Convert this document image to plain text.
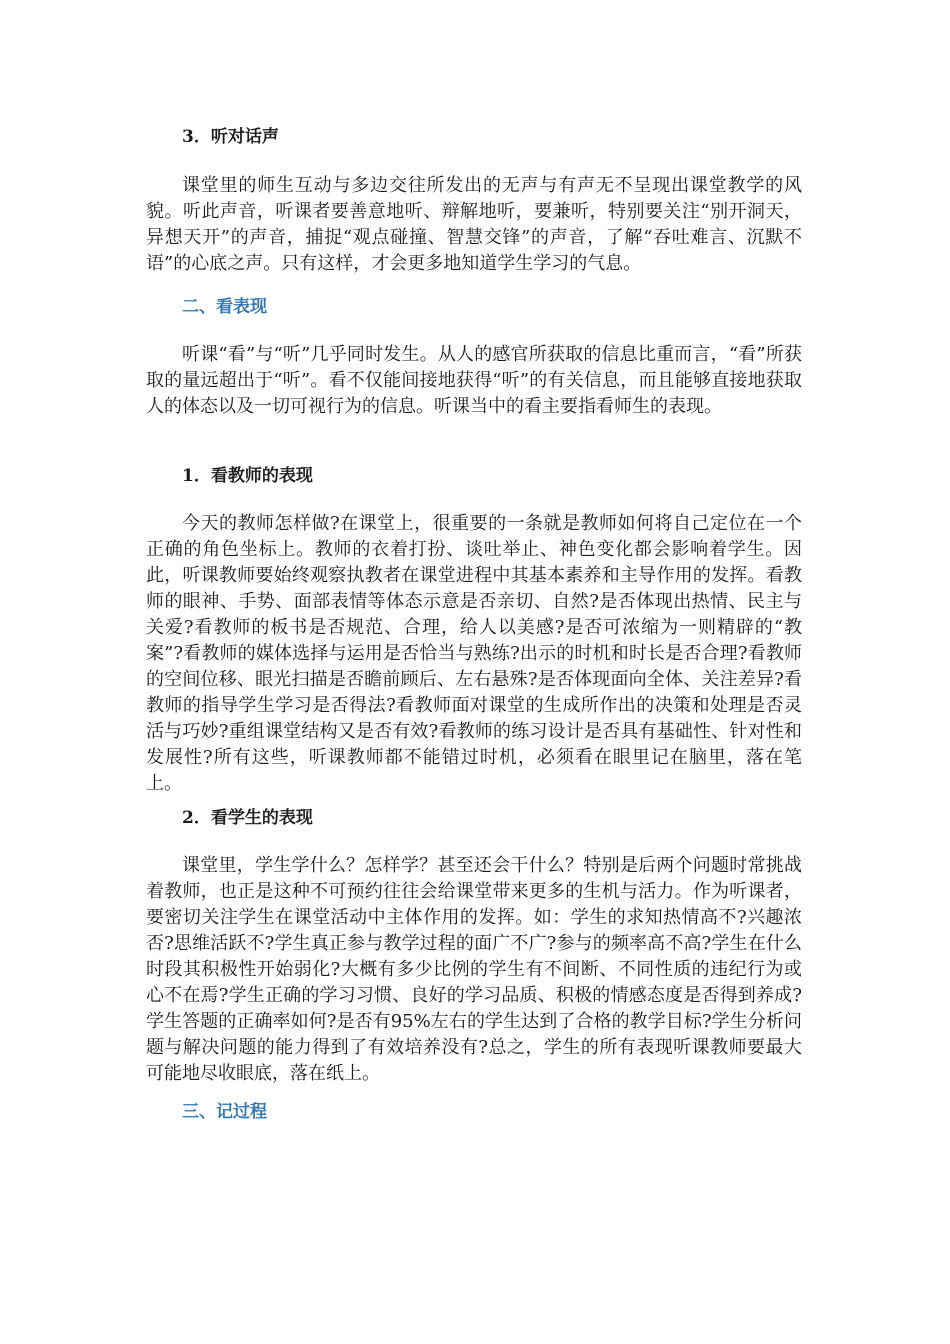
3．听对话声

课堂里的师生互动与多边交往所发出的无声与有声无不呈现出课堂教学的风貌。听此声音，听课者要善意地听、辩解地听，要兼听，特别要关注“别开洞天，异想天开”的声音，捕捉“观点碰撞、智慧交锋”的声音，了解“吞吐难言、沉默不语”的心底之声。只有这样，才会更多地知道学生学习的气息。

二、看表现

听课“看”与“听”几乎同时发生。从人的感官所获取的信息比重而言，“看”所获取的量远超出于“听”。看不仅能间接地获得“听”的有关信息，而且能够直接地获取人的体态以及一切可视行为的信息。听课当中的看主要指看师生的表现。

1．看教师的表现

今天的教师怎样做?在课堂上，很重要的一条就是教师如何将自己定位在一个正确的角色坐标上。教师的衣着打扮、谈吐举止、神色变化都会影响着学生。因此，听课教师要始终观察执教者在课堂进程中其基本素养和主导作用的发挥。看教师的眼神、手势、面部表情等体态示意是否亲切、自然?是否体现出热情、民主与关爱?看教师的板书是否规范、合理，给人以美感?是否可浓缩为一则精辟的“教案”?看教师的媒体选择与运用是否恰当与熟练?出示的时机和时长是否合理?看教师的空间位移、眼光扫描是否瞻前顾后、左右悬殊?是否体现面向全体、关注差异?看教师的指导学生学习是否得法?看教师面对课堂的生成所作出的决策和处理是否灵活与巧妙?重组课堂结构又是否有效?看教师的练习设计是否具有基础性、针对性和发展性?所有这些，听课教师都不能错过时机，必须看在眼里记在脑里，落在笔上。

2．看学生的表现

课堂里，学生学什么？怎样学？甚至还会干什么？特别是后两个问题时常挑战着教师，也正是这种不可预约往往会给课堂带来更多的生机与活力。作为听课者，要密切关注学生在课堂活动中主体作用的发挥。如：学生的求知热情高不?兴趣浓否?思维活跃不?学生真正参与教学过程的面广不广?参与的频率高不高?学生在什么时段其积极性开始弱化?大概有多少比例的学生有不间断、不同性质的违纪行为或心不在焉?学生正确的学习习惯、良好的学习品质、积极的情感态度是否得到养成?学生答题的正确率如何?是否有95%左右的学生达到了合格的教学目标?学生分析问题与解决问题的能力得到了有效培养没有?总之，学生的所有表现听课教师要最大可能地尽收眼底，落在纸上。

三、记过程
